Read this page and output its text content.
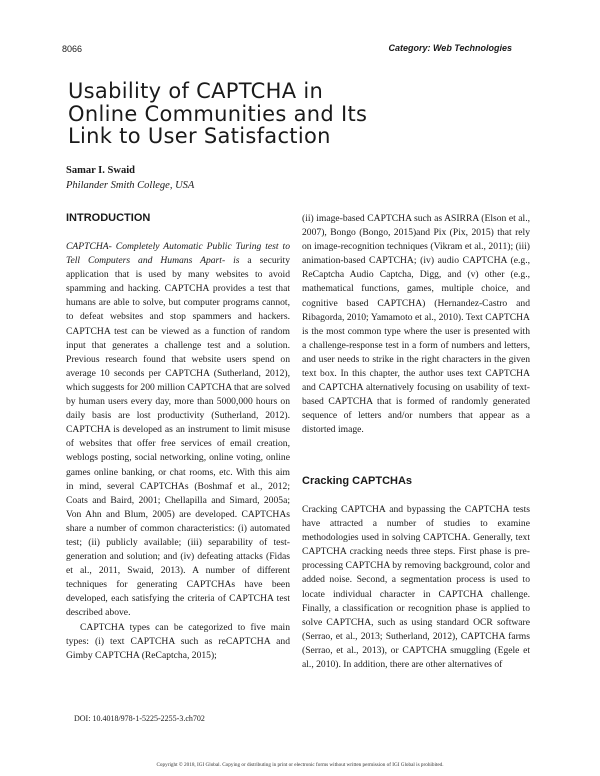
8066	Category: Web Technologies
Usability of CAPTCHA in
Online Communities and Its
Link to User Satisfaction
Samar I. Swaid
Philander Smith College, USA
INTRODUCTION

CAPTCHA- Completely Automatic Public Turing test to Tell Computers and Humans Apart- is a security application that is used by many websites to avoid spamming and hacking. CAPTCHA provides a test that humans are able to solve, but computer programs cannot, to defeat websites and stop spammers and hackers. CAPTCHA test can be viewed as a function of random input that generates a challenge test and a solution. Previous research found that website users spend on average 10 seconds per CAPTCHA (Sutherland, 2012), which suggests for 200 million CAPTCHA that are solved by human users every day, more than 5000,000 hours on daily basis are lost productivity (Sutherland, 2012). CAPTCHA is developed as an instrument to limit misuse of websites that offer free services of email creation, weblogs posting, social networking, online voting, online games online banking, or chat rooms, etc. With this aim in mind, several CAPTCHAs (Boshmaf et al., 2012; Coats and Baird, 2001; Chellapilla and Simard, 2005a; Von Ahn and Blum, 2005) are developed. CAPTCHAs share a number of common characteristics: (i) automated test; (ii) publicly available; (iii) separability of test- generation and solution; and (iv) defeating attacks (Fidas et al., 2011, Swaid, 2013). A number of different techniques for generating CAPTCHAs have been developed, each satisfying the criteria of CAPTCHA test described above.

CAPTCHA types can be categorized to five main types: (i) text CAPTCHA such as reCAPTCHA and Gimby CAPTCHA (ReCaptcha, 2015);

(ii) image-based CAPTCHA such as ASIRRA (Elson et al., 2007), Bongo (Bongo, 2015)and Pix (Pix, 2015) that rely on image-recognition techniques (Vikram et al., 2011); (iii) animation-based CAPTCHA; (iv) audio CAPTCHA (e.g., ReCaptcha Audio Captcha, Digg, and (v) other (e.g., mathematical functions, games, multiple choice, and cognitive based CAPTCHA) (Hernandez-Castro and Ribagorda, 2010; Yamamoto et al., 2010). Text CAPTCHA is the most common type where the user is presented with a challenge-response test in a form of numbers and letters, and user needs to strike in the right characters in the given text box. In this chapter, the author uses text CAPTCHA and CAPTCHA alternatively focusing on usability of text-based CAPTCHA that is formed of randomly generated sequence of letters and/or numbers that appear as a distorted image.

Cracking CAPTCHAs

Cracking CAPTCHA and bypassing the CAPTCHA tests have attracted a number of studies to examine methodologies used in solving CAPTCHA. Generally, text CAPTCHA cracking needs three steps. First phase is pre-processing CAPTCHA by removing background, color and added noise. Second, a segmentation process is used to locate individual character in CAPTCHA challenge. Finally, a classification or recognition phase is applied to solve CAPTCHA, such as using standard OCR software (Serrao, et al., 2013; Sutherland, 2012), CAPTCHA farms (Serrao, et al., 2013), or CAPTCHA smuggling (Egele et al., 2010). In addition, there are other alternatives of

DOI: 10.4018/978-1-5225-2255-3.ch702
Copyright © 2018, IGI Global. Copying or distributing in print or electronic forms without written permission of IGI Global is prohibited.
